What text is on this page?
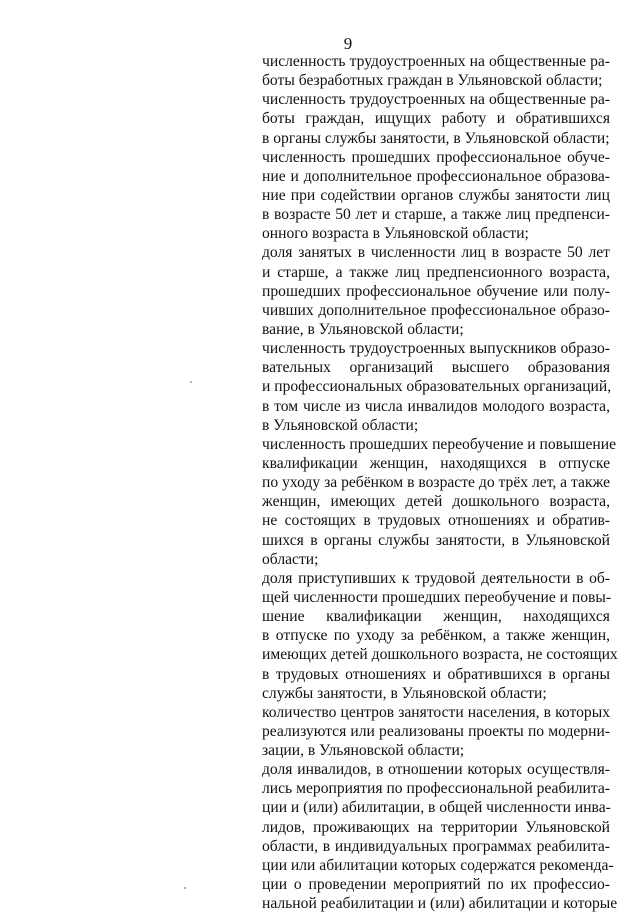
9
численность трудоустроенных на общественные ра-
боты безработных граждан в Ульяновской области;
численность трудоустроенных на общественные ра-
боты граждан, ищущих работу и обратившихся
в органы службы занятости, в Ульяновской области;
численность прошедших профессиональное обуче-
ние и дополнительное профессиональное образова-
ние при содействии органов службы занятости лиц
в возрасте 50 лет и старше, а также лиц предпенси-
онного возраста в Ульяновской области;
доля занятых в численности лиц в возрасте 50 лет
и старше, а также лиц предпенсионного возраста,
прошедших профессиональное обучение или полу-
чивших дополнительное профессиональное образо-
вание, в Ульяновской области;
численность трудоустроенных выпускников образо-
вательных организаций высшего образования
и профессиональных образовательных организаций,
в том числе из числа инвалидов молодого возраста,
в Ульяновской области;
численность прошедших переобучение и повышение
квалификации женщин, находящихся в отпуске
по уходу за ребёнком в возрасте до трёх лет, а также
женщин, имеющих детей дошкольного возраста,
не состоящих в трудовых отношениях и обратив-
шихся в органы службы занятости, в Ульяновской
области;
доля приступивших к трудовой деятельности в об-
щей численности прошедших переобучение и повы-
шение квалификации женщин, находящихся
в отпуске по уходу за ребёнком, а также женщин,
имеющих детей дошкольного возраста, не состоящих
в трудовых отношениях и обратившихся в органы
службы занятости, в Ульяновской области;
количество центров занятости населения, в которых
реализуются или реализованы проекты по модерни-
зации, в Ульяновской области;
доля инвалидов, в отношении которых осуществля-
лись мероприятия по профессиональной реабилита-
ции и (или) абилитации, в общей численности инва-
лидов, проживающих на территории Ульяновской
области, в индивидуальных программах реабилита-
ции или абилитации которых содержатся рекоменда-
ции о проведении мероприятий по их профессио-
нальной реабилитации и (или) абилитации и которые
